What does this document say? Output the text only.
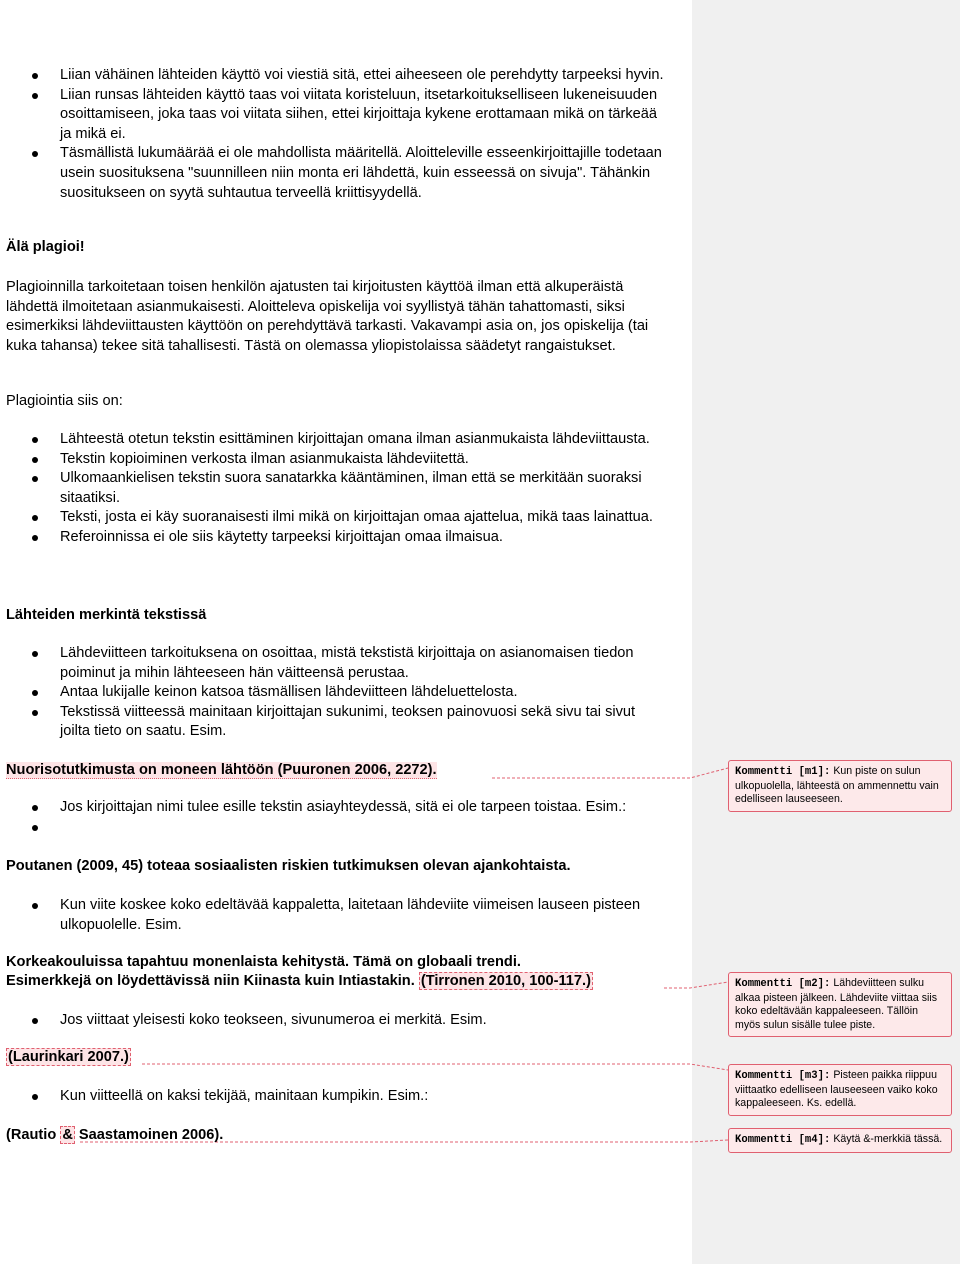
Liian vähäinen lähteiden käyttö voi viestiä sitä, ettei aiheeseen ole perehdytty tarpeeksi hyvin.
Liian runsas lähteiden käyttö taas voi viitata koristeluun, itsetarkoitukselliseen lukeneisuuden osoittamiseen, joka taas voi viitata siihen, ettei kirjoittaja kykene erottamaan mikä on tärkeää ja mikä ei.
Täsmällistä lukumäärää ei ole mahdollista määritellä. Aloitteleville esseenkirjoittajille todetaan usein suosituksena "suunnilleen niin monta eri lähdettä, kuin esseessä on sivuja". Tähänkin suositukseen on syytä suhtautua terveellä kriittisyydellä.
Älä plagioi!
Plagioinnilla tarkoitetaan toisen henkilön ajatusten tai kirjoitusten käyttöä ilman että alkuperäistä lähdettä ilmoitetaan asianmukaisesti. Aloitteleva opiskelija voi syyllistyä tähän tahattomasti, siksi esimerkiksi lähdeviittausten käyttöön on perehdyttävä tarkasti. Vakavampi asia on, jos opiskelija (tai kuka tahansa) tekee sitä tahallisesti. Tästä on olemassa yliopistolaissa säädetyt rangaistukset.
Plagiointia siis on:
Lähteestä otetun tekstin esittäminen kirjoittajan omana ilman asianmukaista lähdeviittausta.
Tekstin kopioiminen verkosta ilman asianmukaista lähdeviitettä.
Ulkomaankielisen tekstin suora sanatarkka kääntäminen, ilman että se merkitään suoraksi sitaatiksi.
Teksti, josta ei käy suoranaisesti ilmi mikä on kirjoittajan omaa ajattelua, mikä taas lainattua.
Referoinnissa ei ole siis käytetty tarpeeksi kirjoittajan omaa ilmaisua.
Lähteiden merkintä tekstissä
Lähdeviitteen tarkoituksena on osoittaa, mistä tekstistä kirjoittaja on asianomaisen tiedon poiminut ja mihin lähteeseen hän väitteensä perustaa.
Antaa lukijalle keinon katsoa täsmällisen lähdeviitteen lähdeluettelosta.
Tekstissä viitteessä mainitaan kirjoittajan sukunimi, teoksen painovuosi sekä sivu tai sivut joilta tieto on saatu. Esim.
Nuorisotutkimusta on moneen lähtöön (Puuronen 2006, 2272).
Jos kirjoittajan nimi tulee esille tekstin asiayhteydessä, sitä ei ole tarpeen toistaa. Esim.:

Poutanen (2009, 45) toteaa sosiaalisten riskien tutkimuksen olevan ajankohtaista.
Kun viite koskee koko edeltävää kappaletta, laitetaan lähdeviite viimeisen lauseen pisteen ulkopuolelle. Esim.
Korkeakouluissa tapahtuu monenlaista kehitystä. Tämä on globaali trendi.
Esimerkkejä on löydettävissä niin Kiinasta kuin Intiastakin. (Tirronen 2010, 100-117.)
Jos viittaat yleisesti koko teokseen, sivunumeroa ei merkitä. Esim.
(Laurinkari 2007.)
Kun viitteellä on kaksi tekijää, mainitaan kumpikin. Esim.:
(Rautio & Saastamoinen 2006).
Kommentti [m1]: Kun piste on sulun ulkopuolella, lähteestä on ammennettu vain edelliseen lauseeseen.
Kommentti [m2]: Lähdeviitteen sulku alkaa pisteen jälkeen. Lähdeviite viittaa siis koko edeltävään kappaleeseen. Tällöin myös sulun sisälle tulee piste.
Kommentti [m3]: Pisteen paikka riippuu viittaatko edelliseen lauseeseen vaiko koko kappaleeseen. Ks. edellä.
Kommentti [m4]: Käytä &-merkkiä tässä.
